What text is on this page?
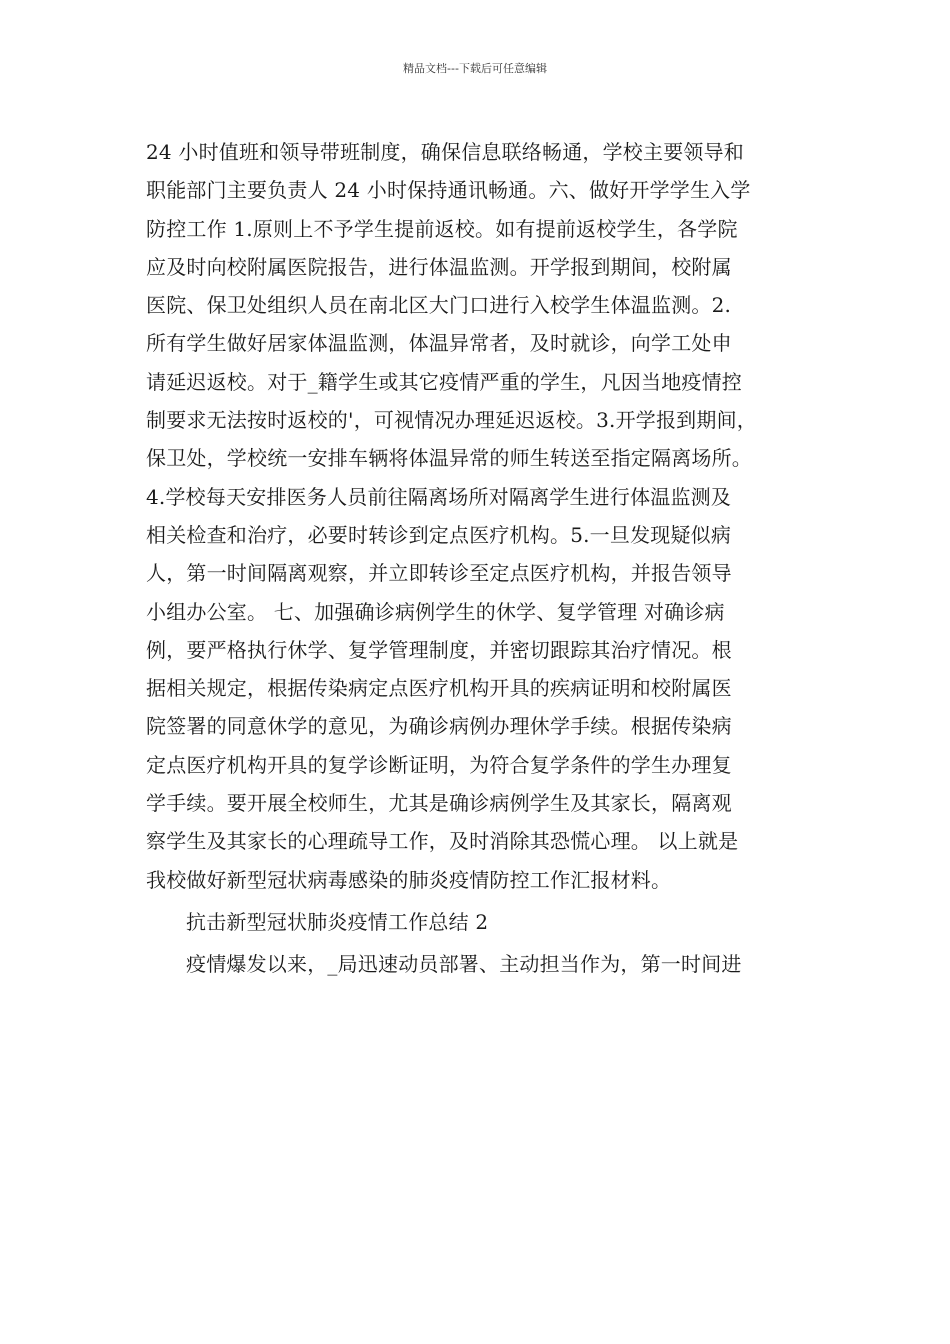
精品文档---下载后可任意编辑
24 小时值班和领导带班制度，确保信息联络畅通，学校主要领导和
职能部门主要负责人 24 小时保持通讯畅通。六、做好开学学生入学
防控工作 1.原则上不予学生提前返校。如有提前返校学生，各学院
应及时向校附属医院报告，进行体温监测。开学报到期间，校附属
医院、保卫处组织人员在南北区大门口进行入校学生体温监测。2.
所有学生做好居家体温监测，体温异常者，及时就诊，向学工处申
请延迟返校。对于_籍学生或其它疫情严重的学生，凡因当地疫情控
制要求无法按时返校的'，可视情况办理延迟返校。3.开学报到期间，
保卫处，学校统一安排车辆将体温异常的师生转送至指定隔离场所。
4.学校每天安排医务人员前往隔离场所对隔离学生进行体温监测及
相关检查和治疗，必要时转诊到定点医疗机构。5.一旦发现疑似病
人，第一时间隔离观察，并立即转诊至定点医疗机构，并报告领导
小组办公室。 七、加强确诊病例学生的休学、复学管理 对确诊病
例，要严格执行休学、复学管理制度，并密切跟踪其治疗情况。根
据相关规定，根据传染病定点医疗机构开具的疾病证明和校附属医
院签署的同意休学的意见，为确诊病例办理休学手续。根据传染病
定点医疗机构开具的复学诊断证明，为符合复学条件的学生办理复
学手续。要开展全校师生，尤其是确诊病例学生及其家长，隔离观
察学生及其家长的心理疏导工作，及时消除其恐慌心理。 以上就是
我校做好新型冠状病毒感染的肺炎疫情防控工作汇报材料。
抗击新型冠状肺炎疫情工作总结 2
疫情爆发以来，_局迅速动员部署、主动担当作为，第一时间进
